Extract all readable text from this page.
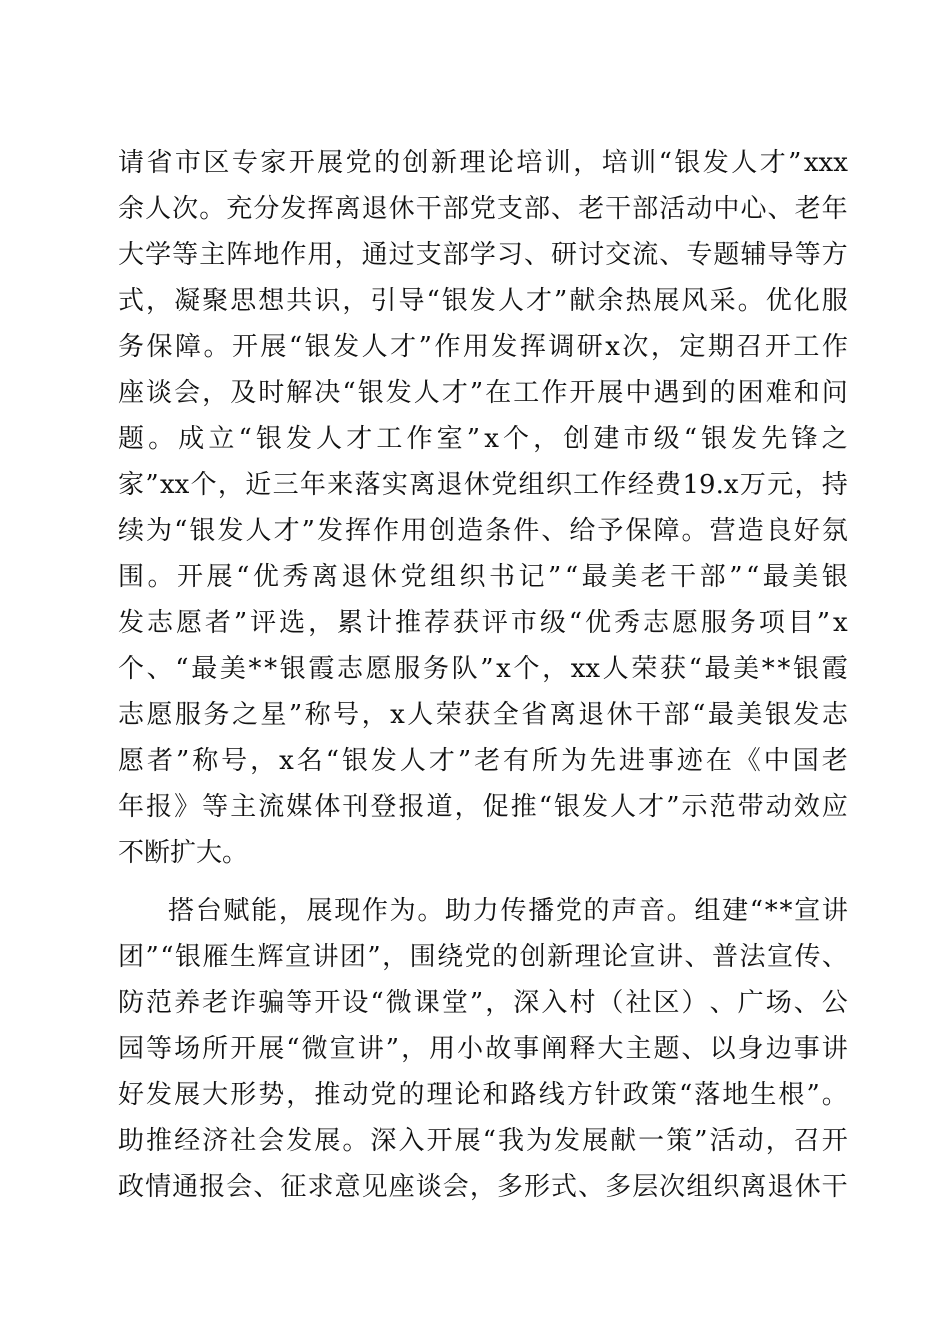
请 省 市 区 专 家 开 展 党 的 创 新 理 论 培 训 ， 培 训 “ 银 发 人 才 ” xxx
余 人 次 。 充 分 发 挥 离 退 休 干 部 党 支 部 、 老 干 部 活 动 中 心 、 老 年
大 学 等 主 阵 地 作 用 ， 通 过 支 部 学 习 、 研 讨 交 流 、 专 题 辅 导 等 方
式 ， 凝 聚 思 想 共 识 ， 引 导 “ 银 发 人 才 ” 献 余 热 展 风 采 。 优 化 服
务 保 障 。 开 展 “ 银 发 人 才 ” 作 用 发 挥 调 研 x 次 ， 定 期 召 开 工 作
座 谈 会 ， 及 时 解 决 “ 银 发 人 才 ” 在 工 作 开 展 中 遇 到 的 困 难 和 问
题 。 成 立 “ 银 发 人 才 工 作 室 ” x 个 ， 创 建 市 级 “ 银 发 先 锋 之
家 ” xx 个 ， 近 三 年 来 落 实 离 退 休 党 组 织 工 作 经 费 19.x 万 元 ， 持
续 为 “ 银 发 人 才 ” 发 挥 作 用 创 造 条 件 、 给 予 保 障 。 营 造 良 好 氛
围 。 开 展 “ 优 秀 离 退 休 党 组 织 书 记 ” “ 最 美 老 干 部 ” “ 最 美 银
发 志 愿 者 ” 评 选 ， 累 计 推 荐 获 评 市 级 “ 优 秀 志 愿 服 务 项 目 ” x
个 、 “ 最 美 * * 银 霞 志 愿 服 务 队 ” x 个 ， xx 人 荣 获 “ 最 美 * * 银 霞
志 愿 服 务 之 星 ” 称 号 ， x 人 荣 获 全 省 离 退 休 干 部 “ 最 美 银 发 志
愿 者 ” 称 号 ， x 名 “ 银 发 人 才 ” 老 有 所 为 先 进 事 迹 在 《 中 国 老
年 报 》 等 主 流 媒 体 刊 登 报 道 ， 促 推 “ 银 发 人 才 ” 示 范 带 动 效 应
不断扩大。
搭 台 赋 能 ， 展 现 作 为 。 助 力 传 播 党 的 声 音 。 组 建 “ * * 宣 讲
团 ” “ 银 雁 生 辉 宣 讲 团 ” ， 围 绕 党 的 创 新 理 论 宣 讲 、 普 法 宣 传 、
防 范 养 老 诈 骗 等 开 设 “ 微 课 堂 ” ， 深 入 村 （ 社 区 ） 、 广 场 、 公
园 等 场 所 开 展 “ 微 宣 讲 ” ， 用 小 故 事 阐 释 大 主 题 、 以 身 边 事 讲
好 发 展 大 形 势 ， 推 动 党 的 理 论 和 路 线 方 针 政 策 “ 落 地 生 根 ” 。
助 推 经 济 社 会 发 展 。 深 入 开 展 “ 我 为 发 展 献 一 策 ” 活 动 ， 召 开
政 情 通 报 会 、 征 求 意 见 座 谈 会 ， 多 形 式 、 多 层 次 组 织 离 退 休 干
